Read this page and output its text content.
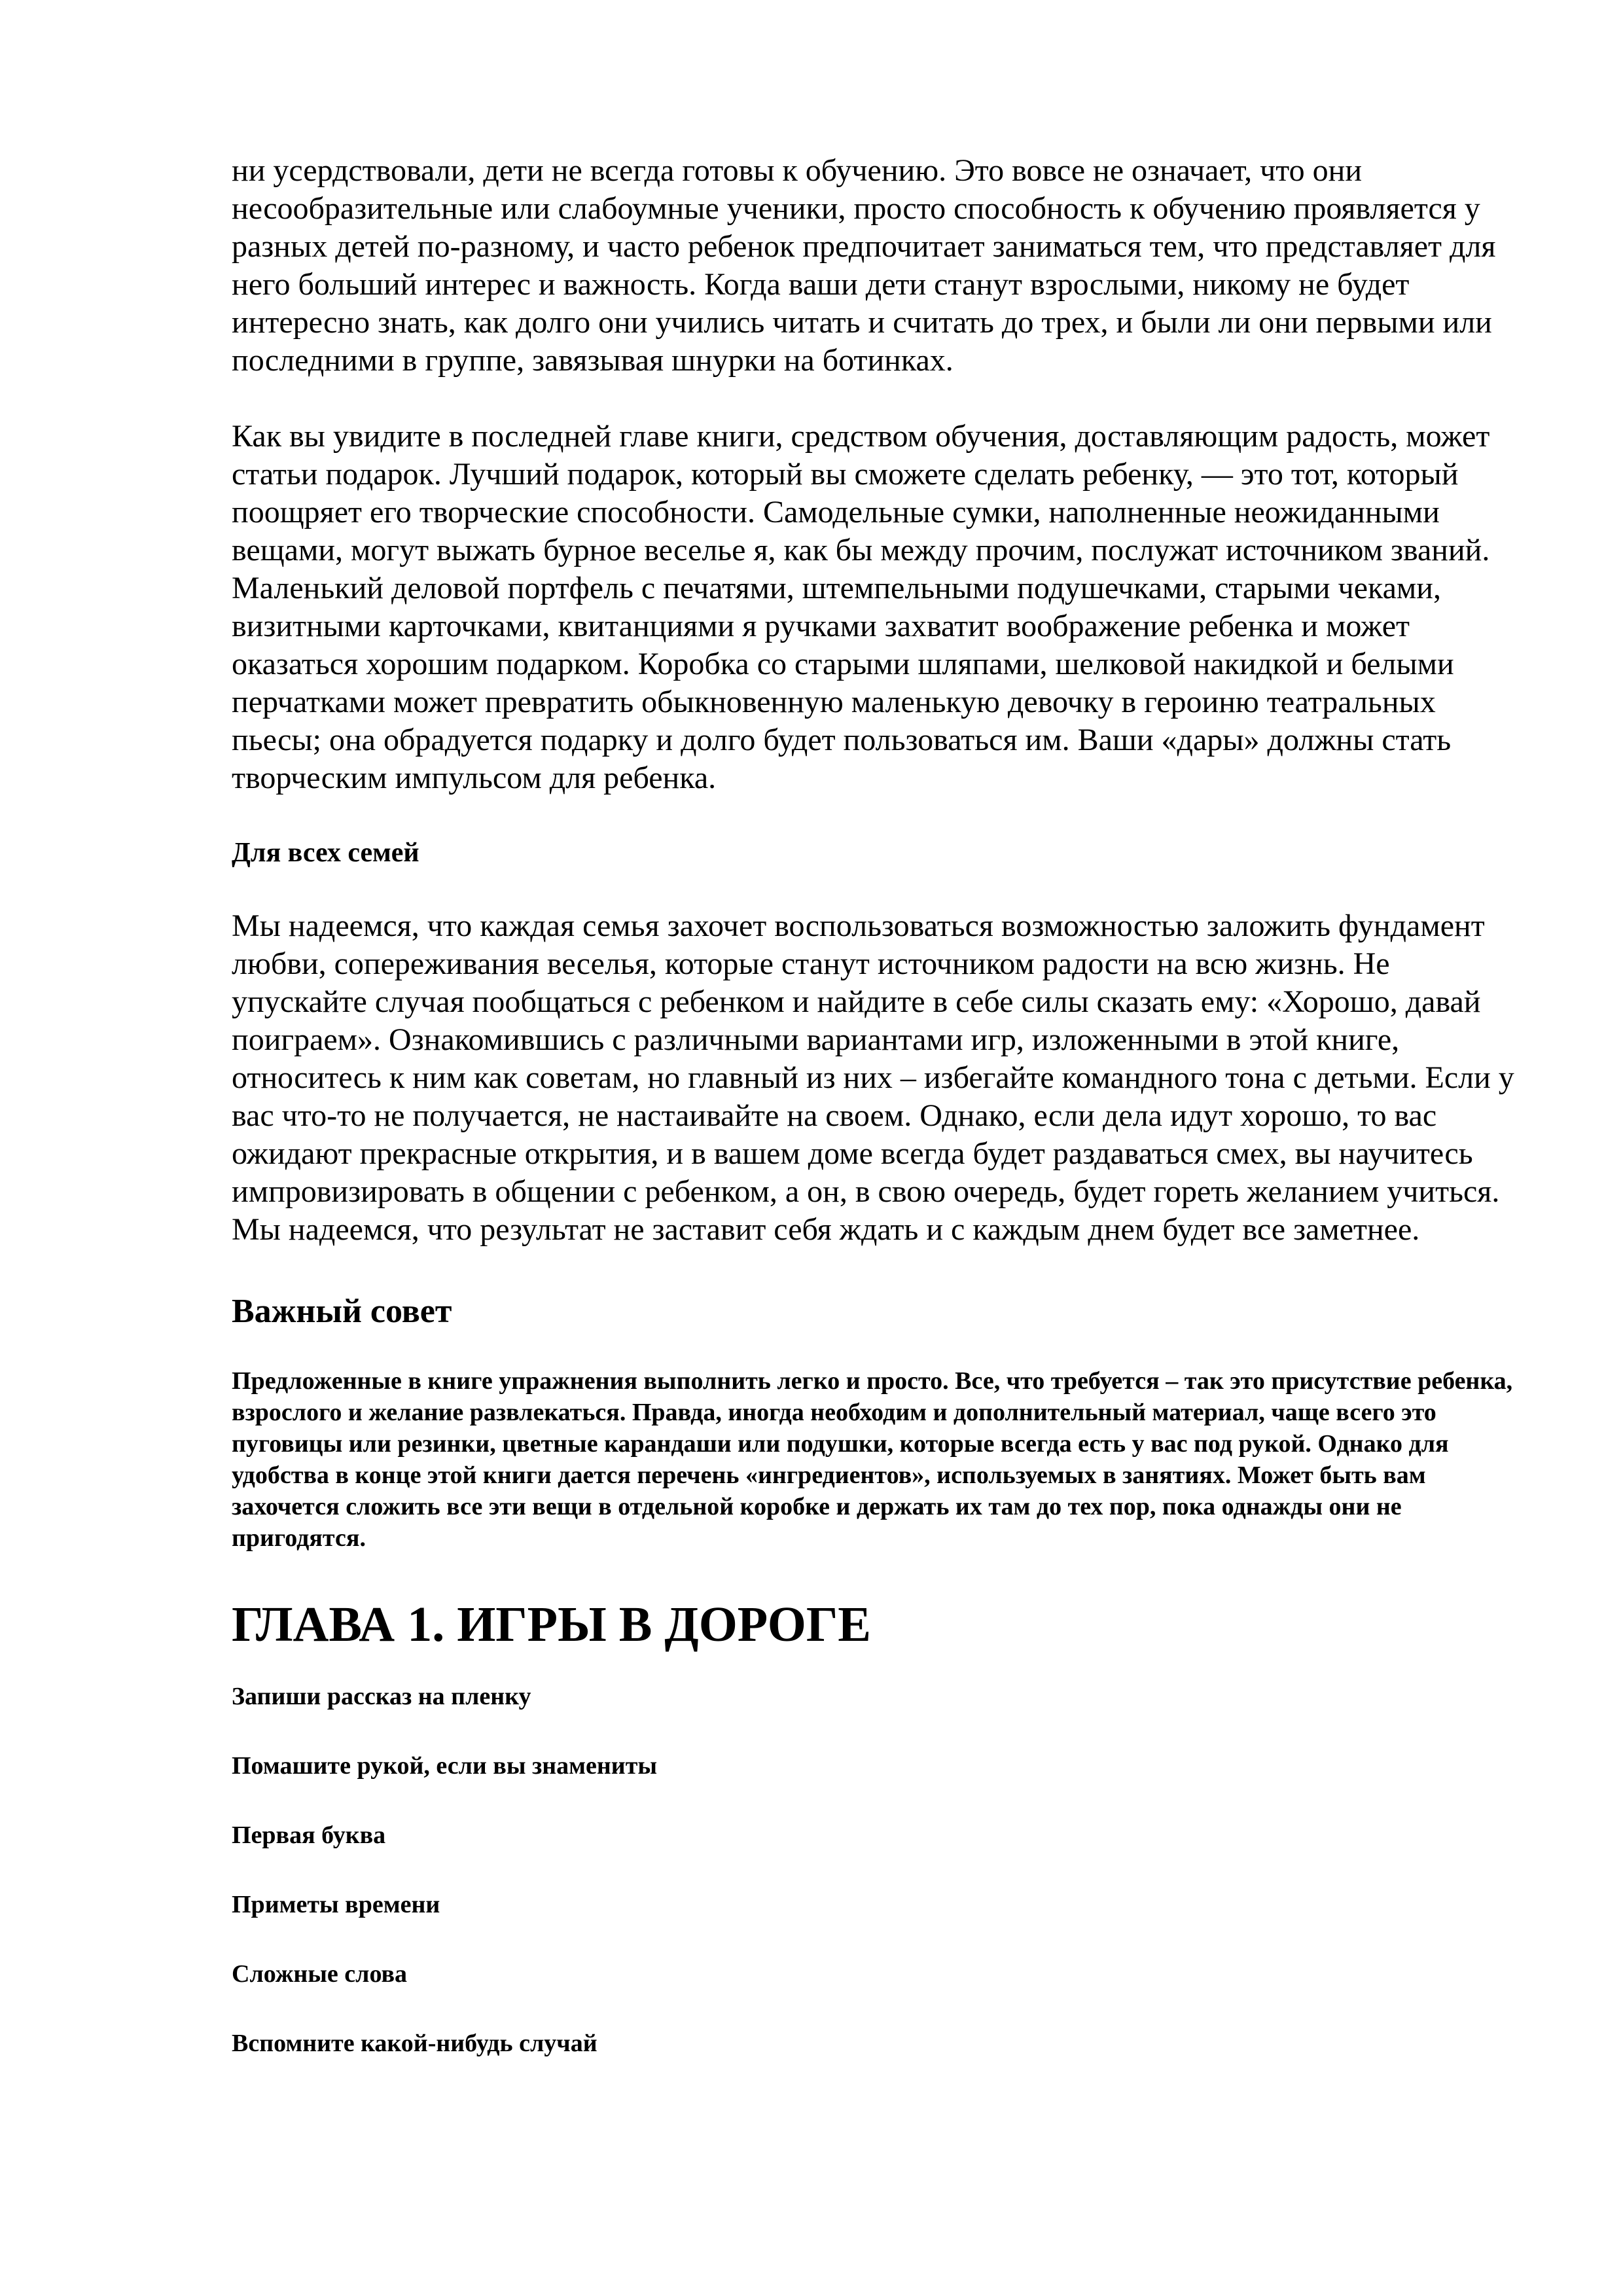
ни усердствовали, дети не всегда готовы к обучению. Это вовсе не означает, что они несообразительные или слабоумные ученики, просто способность к обучению проявляется у разных детей по-разному, и часто ребенок предпочитает заниматься тем, что представляет для него больший интерес и важность. Когда ваши дети станут взрослыми, никому не будет интересно знать, как долго они учились читать и считать до трех, и были ли они первыми или последними в группе, завязывая шнурки на ботинках.

Как вы увидите в последней главе книги, средством обучения, доставляющим радость, может статьи подарок. Лучший подарок, который вы сможете сделать ребенку, — это тот, который поощряет его творческие способности. Самодельные сумки, наполненные неожиданными вещами, могут выжать бурное веселье я, как бы между прочим, послужат источником званий. Маленький деловой портфель с печатями, штемпельными подушечками, старыми чеками, визитными карточками, квитанциями я ручками захватит воображение ребенка и может оказаться хорошим подарком. Коробка со старыми шляпами, шелковой накидкой и белыми перчатками может превратить обыкновенную маленькую девочку в героиню театральных пьесы; она обрадуется подарку и долго будет пользоваться им. Ваши «дары» должны стать творческим импульсом для ребенка.

Для всех семей

Мы надеемся, что каждая семья захочет воспользоваться возможностью заложить фундамент любви, сопереживания веселья, которые станут источником радости на всю жизнь. Не упускайте случая пообщаться с ребенком и найдите в себе силы сказать ему: «Хорошо, давай поиграем». Ознакомившись с различными вариантами игр, изложенными в этой книге, относитесь к ним как советам, но главный из них – избегайте командного тона с детьми. Если у вас что-то не получается, не настаивайте на своем. Однако, если дела идут хорошо, то вас ожидают прекрасные открытия, и в вашем доме всегда будет раздаваться смех, вы научитесь импровизировать в общении с ребенком, а он, в свою очередь, будет гореть желанием учиться. Мы надеемся, что результат не заставит себя ждать и с каждым днем будет все заметнее.

Важный совет

Предложенные в книге упражнения выполнить легко и просто. Все, что требуется – так это присутствие ребенка, взрослого и желание развлекаться. Правда, иногда необходим и дополнительный материал, чаще всего это пуговицы или резинки, цветные карандаши или подушки, которые всегда есть у вас под рукой. Однако для удобства в конце этой книги дается перечень «ингредиентов», используемых в занятиях. Может быть вам захочется сложить все эти вещи в отдельной коробке и держать их там до тех пор, пока однажды они не пригодятся.

ГЛАВА 1. ИГРЫ В ДОРОГЕ

Запиши рассказ на пленку

Помашите рукой, если вы знамениты

Первая буква

Приметы времени

Сложные слова

Вспомните какой-нибудь случай
